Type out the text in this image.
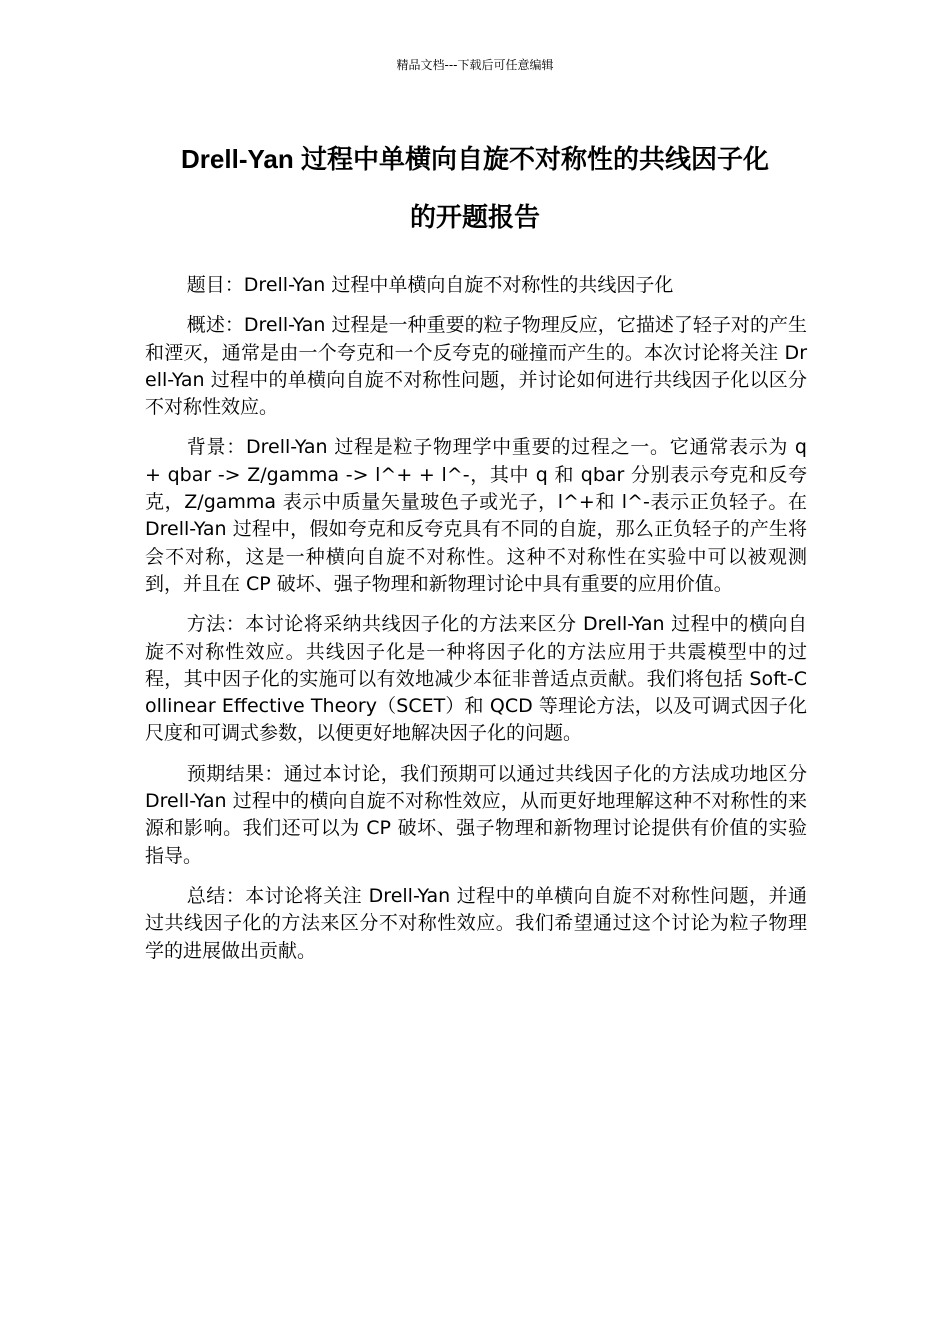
精品文档---下载后可任意编辑
Drell-Yan 过程中单横向自旋不对称性的共线因子化
的开题报告

题目：Drell-Yan 过程中单横向自旋不对称性的共线因子化

概述：Drell-Yan 过程是一种重要的粒子物理反应，它描述了轻子对的产生和湮灭，通常是由一个夸克和一个反夸克的碰撞而产生的。本次讨论将关注 Drell-Yan 过程中的单横向自旋不对称性问题，并讨论如何进行共线因子化以区分不对称性效应。

背景：Drell-Yan 过程是粒子物理学中重要的过程之一。它通常表示为 q + qbar -> Z/gamma -> l^+ + l^-，其中 q 和 qbar 分别表示夸克和反夸克，Z/gamma 表示中质量矢量玻色子或光子，l^+和 l^-表示正负轻子。在 Drell-Yan 过程中，假如夸克和反夸克具有不同的自旋，那么正负轻子的产生将会不对称，这是一种横向自旋不对称性。这种不对称性在实验中可以被观测到，并且在 CP 破坏、强子物理和新物理讨论中具有重要的应用价值。

方法：本讨论将采纳共线因子化的方法来区分 Drell-Yan 过程中的横向自旋不对称性效应。共线因子化是一种将因子化的方法应用于共震模型中的过程，其中因子化的实施可以有效地减少本征非普适点贡献。我们将包括 Soft-Collinear Effective Theory（SCET）和 QCD 等理论方法，以及可调式因子化尺度和可调式参数，以便更好地解决因子化的问题。

预期结果：通过本讨论，我们预期可以通过共线因子化的方法成功地区分 Drell-Yan 过程中的横向自旋不对称性效应，从而更好地理解这种不对称性的来源和影响。我们还可以为 CP 破坏、强子物理和新物理讨论提供有价值的实验指导。

总结：本讨论将关注 Drell-Yan 过程中的单横向自旋不对称性问题，并通过共线因子化的方法来区分不对称性效应。我们希望通过这个讨论为粒子物理学的进展做出贡献。
